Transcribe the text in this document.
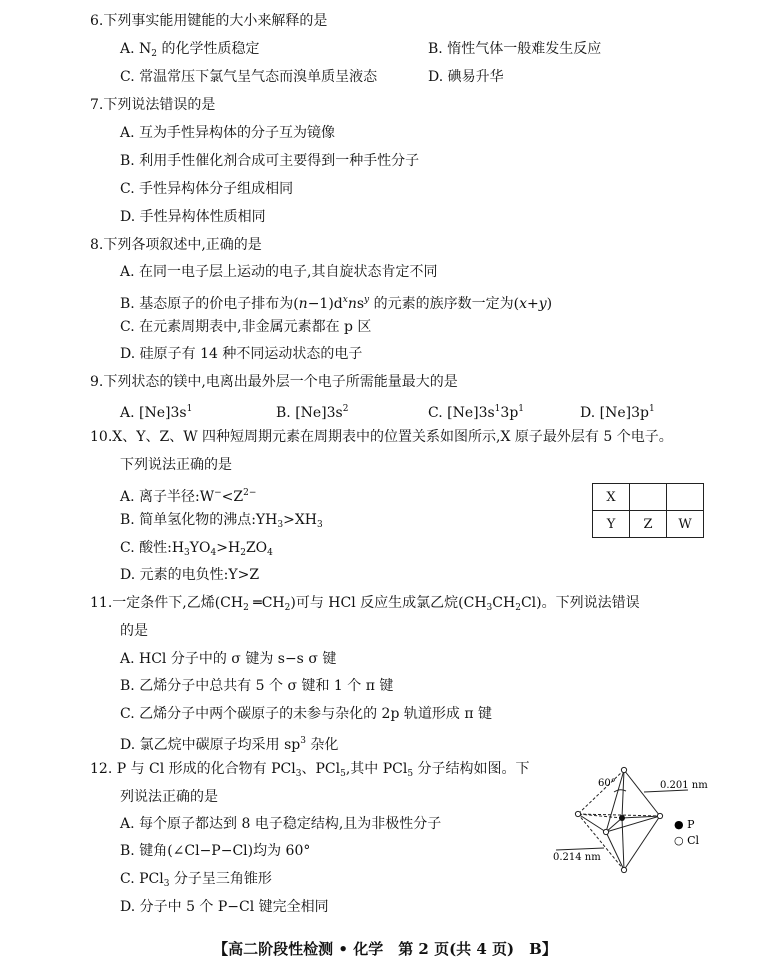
6.下列事实能用键能的大小来解释的是
A. $N_2$ 的化学性质稳定	B. 惰性气体一般难发生反应
C. 常温常压下氯气呈气态而溴单质呈液态	D. 碘易升华
7.下列说法错误的是
A. 互为手性异构体的分子互为镜像
B. 利用手性催化剂合成可主要得到一种手性分子
C. 手性异构体分子组成相同
D. 手性异构体性质相同
8.下列各项叙述中,正确的是
A. 在同一电子层上运动的电子,其自旋状态肯定不同
B. 基态原子的价电子排布为$(n-1)d^xns^y$ 的元素的族序数一定为(x+y)
C. 在元素周期表中,非金属元素都在 p 区
D. 硅原子有 14 种不同运动状态的电子
9.下列状态的镁中,电离出最外层一个电子所需能量最大的是
A. $[Ne]3s^1$	B. $[Ne]3s^2$	C. $[Ne]3s^13p^1$	D. $[Ne]3p^1$
10.X、Y、Z、W 四种短周期元素在周期表中的位置关系如图所示,X 原子最外层有 5 个电子。
下列说法正确的是
A. 离子半径$:W^-<Z^{2-}$
B. 简单氢化物的沸点$:YH_3>XH_3$
C. 酸性$:H_3YO_4>H_2ZO_4$
D. 元素的电负性:Y>Z
X		
Y	Z	W
11.一定条件下,乙烯($CH_2$ $═CH_2$)可与 HCl 反应生成氯乙烷$(CH_3CH_2Cl)$。下列说法错误
的是
A. HCl 分子中的 σ 键为 s−s σ 键
B. 乙烯分子中总共有 5 个 σ 键和 1 个 π 键
C. 乙烯分子中两个碳原子的未参与杂化的 2p 轨道形成 π 键
D. 氯乙烷中碳原子均采用 $sp^3$ 杂化
12. P 与 Cl 形成的化合物有 PCl$_3$、PCl$_5$,其中 PCl$_5$ 分子结构如图。下
列说法正确的是
A. 每个原子都达到 8 电子稳定结构,且为非极性分子
B. 键角(∠Cl−P−Cl)均为 60°
C. PCl$_3$ 分子呈三角锥形
D. 分子中 5 个 P−Cl 键完全相同
60°	0.201 nm
0.214 nm
● P
○ Cl
【高二阶段性检测 • 化学　第 2 页(共 4 页)　B】
